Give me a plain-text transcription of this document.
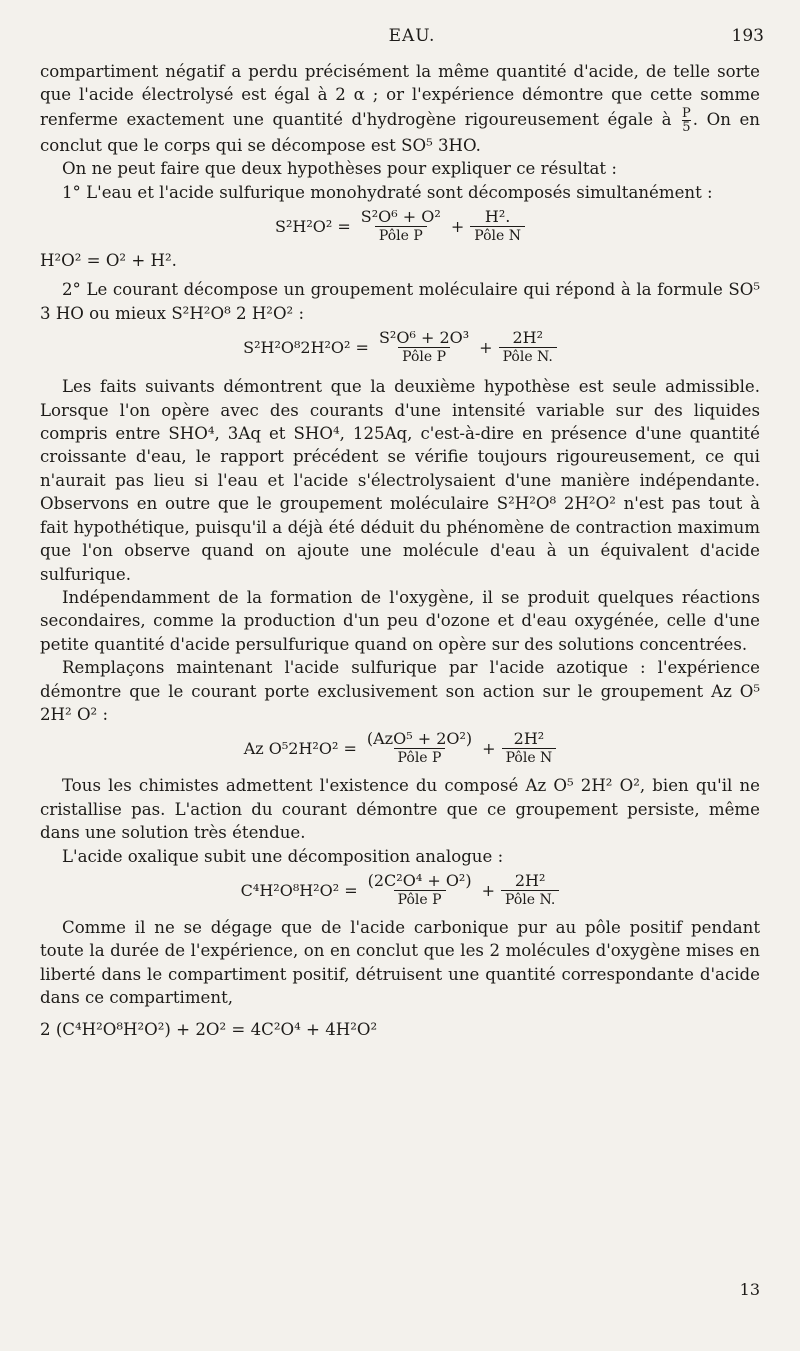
EAU.	193

compartiment négatif a perdu précisément la même quantité d'acide, de telle sorte que l'acide électrolysé est égal à 2 α ; or l'expérience démontre que cette somme renferme exactement une quantité d'hydrogène rigoureusement égale à $\frac{P}{5}$ . On en conclut que le corps qui se décompose est SO⁵ 3HO.

On ne peut faire que deux hypothèses pour expliquer ce résultat :

1° L'eau et l'acide sulfurique monohydraté sont décomposés simultanément :

$S^2H^2O^2 = \frac{\text{S²O⁶ + O²}}{\text{Pôle P}} + \frac{\text{H².}}{\text{Pôle N}}$

H²O² = O² + H².

2° Le courant décompose un groupement moléculaire qui répond à la formule SO⁵ 3 HO ou mieux S²H²O⁸ 2 H²O² :

$S^2H^2O^82H^2O^2 = \frac{\text{S²O⁶ + 2O³}}{\text{Pôle P}} + \frac{\text{2H²}}{\text{Pôle N.}}$

Les faits suivants démontrent que la deuxième hypothèse est seule admissible. Lorsque l'on opère avec des courants d'une intensité variable sur des liquides compris entre SHO⁴, 3Aq et SHO⁴, 125Aq, c'est-à-dire en présence d'une quantité croissante d'eau, le rapport précédent se vérifie toujours rigoureusement, ce qui n'aurait pas lieu si l'eau et l'acide s'électrolysaient d'une manière indépendante. Observons en outre que le groupement moléculaire S²H²O⁸ 2H²O² n'est pas tout à fait hypothétique, puisqu'il a déjà été déduit du phénomène de contraction maximum que l'on observe quand on ajoute une molécule d'eau à un équivalent d'acide sulfurique.

Indépendamment de la formation de l'oxygène, il se produit quelques réactions secondaires, comme la production d'un peu d'ozone et d'eau oxygénée, celle d'une petite quantité d'acide persulfurique quand on opère sur des solutions concentrées.

Remplaçons maintenant l'acide sulfurique par l'acide azotique : l'expérience démontre que le courant porte exclusivement son action sur le groupement Az O⁵ 2H² O² :

Az $O^52H^2O^2 = \frac{\text{(AzO⁵ + 2O²)}}{\text{Pôle P}} + \frac{\text{2H²}}{\text{Pôle N}}$

Tous les chimistes admettent l'existence du composé Az O⁵ 2H² O², bien qu'il ne cristallise pas. L'action du courant démontre que ce groupement persiste, même dans une solution très étendue.

L'acide oxalique subit une décomposition analogue :

$C^4H^2O^8H^2O^2 = \frac{\text{(2C²O⁴ + O²)}}{\text{Pôle P}} + \frac{\text{2H²}}{\text{Pôle N.}}$

Comme il ne se dégage que de l'acide carbonique pur au pôle positif pendant toute la durée de l'expérience, on en conclut que les 2 molécules d'oxygène mises en liberté dans le compartiment positif, détruisent une quantité correspondante d'acide dans ce compartiment,

2 (C⁴H²O⁸H²O²) + 2O² = 4C²O⁴ + 4H²O²

13
